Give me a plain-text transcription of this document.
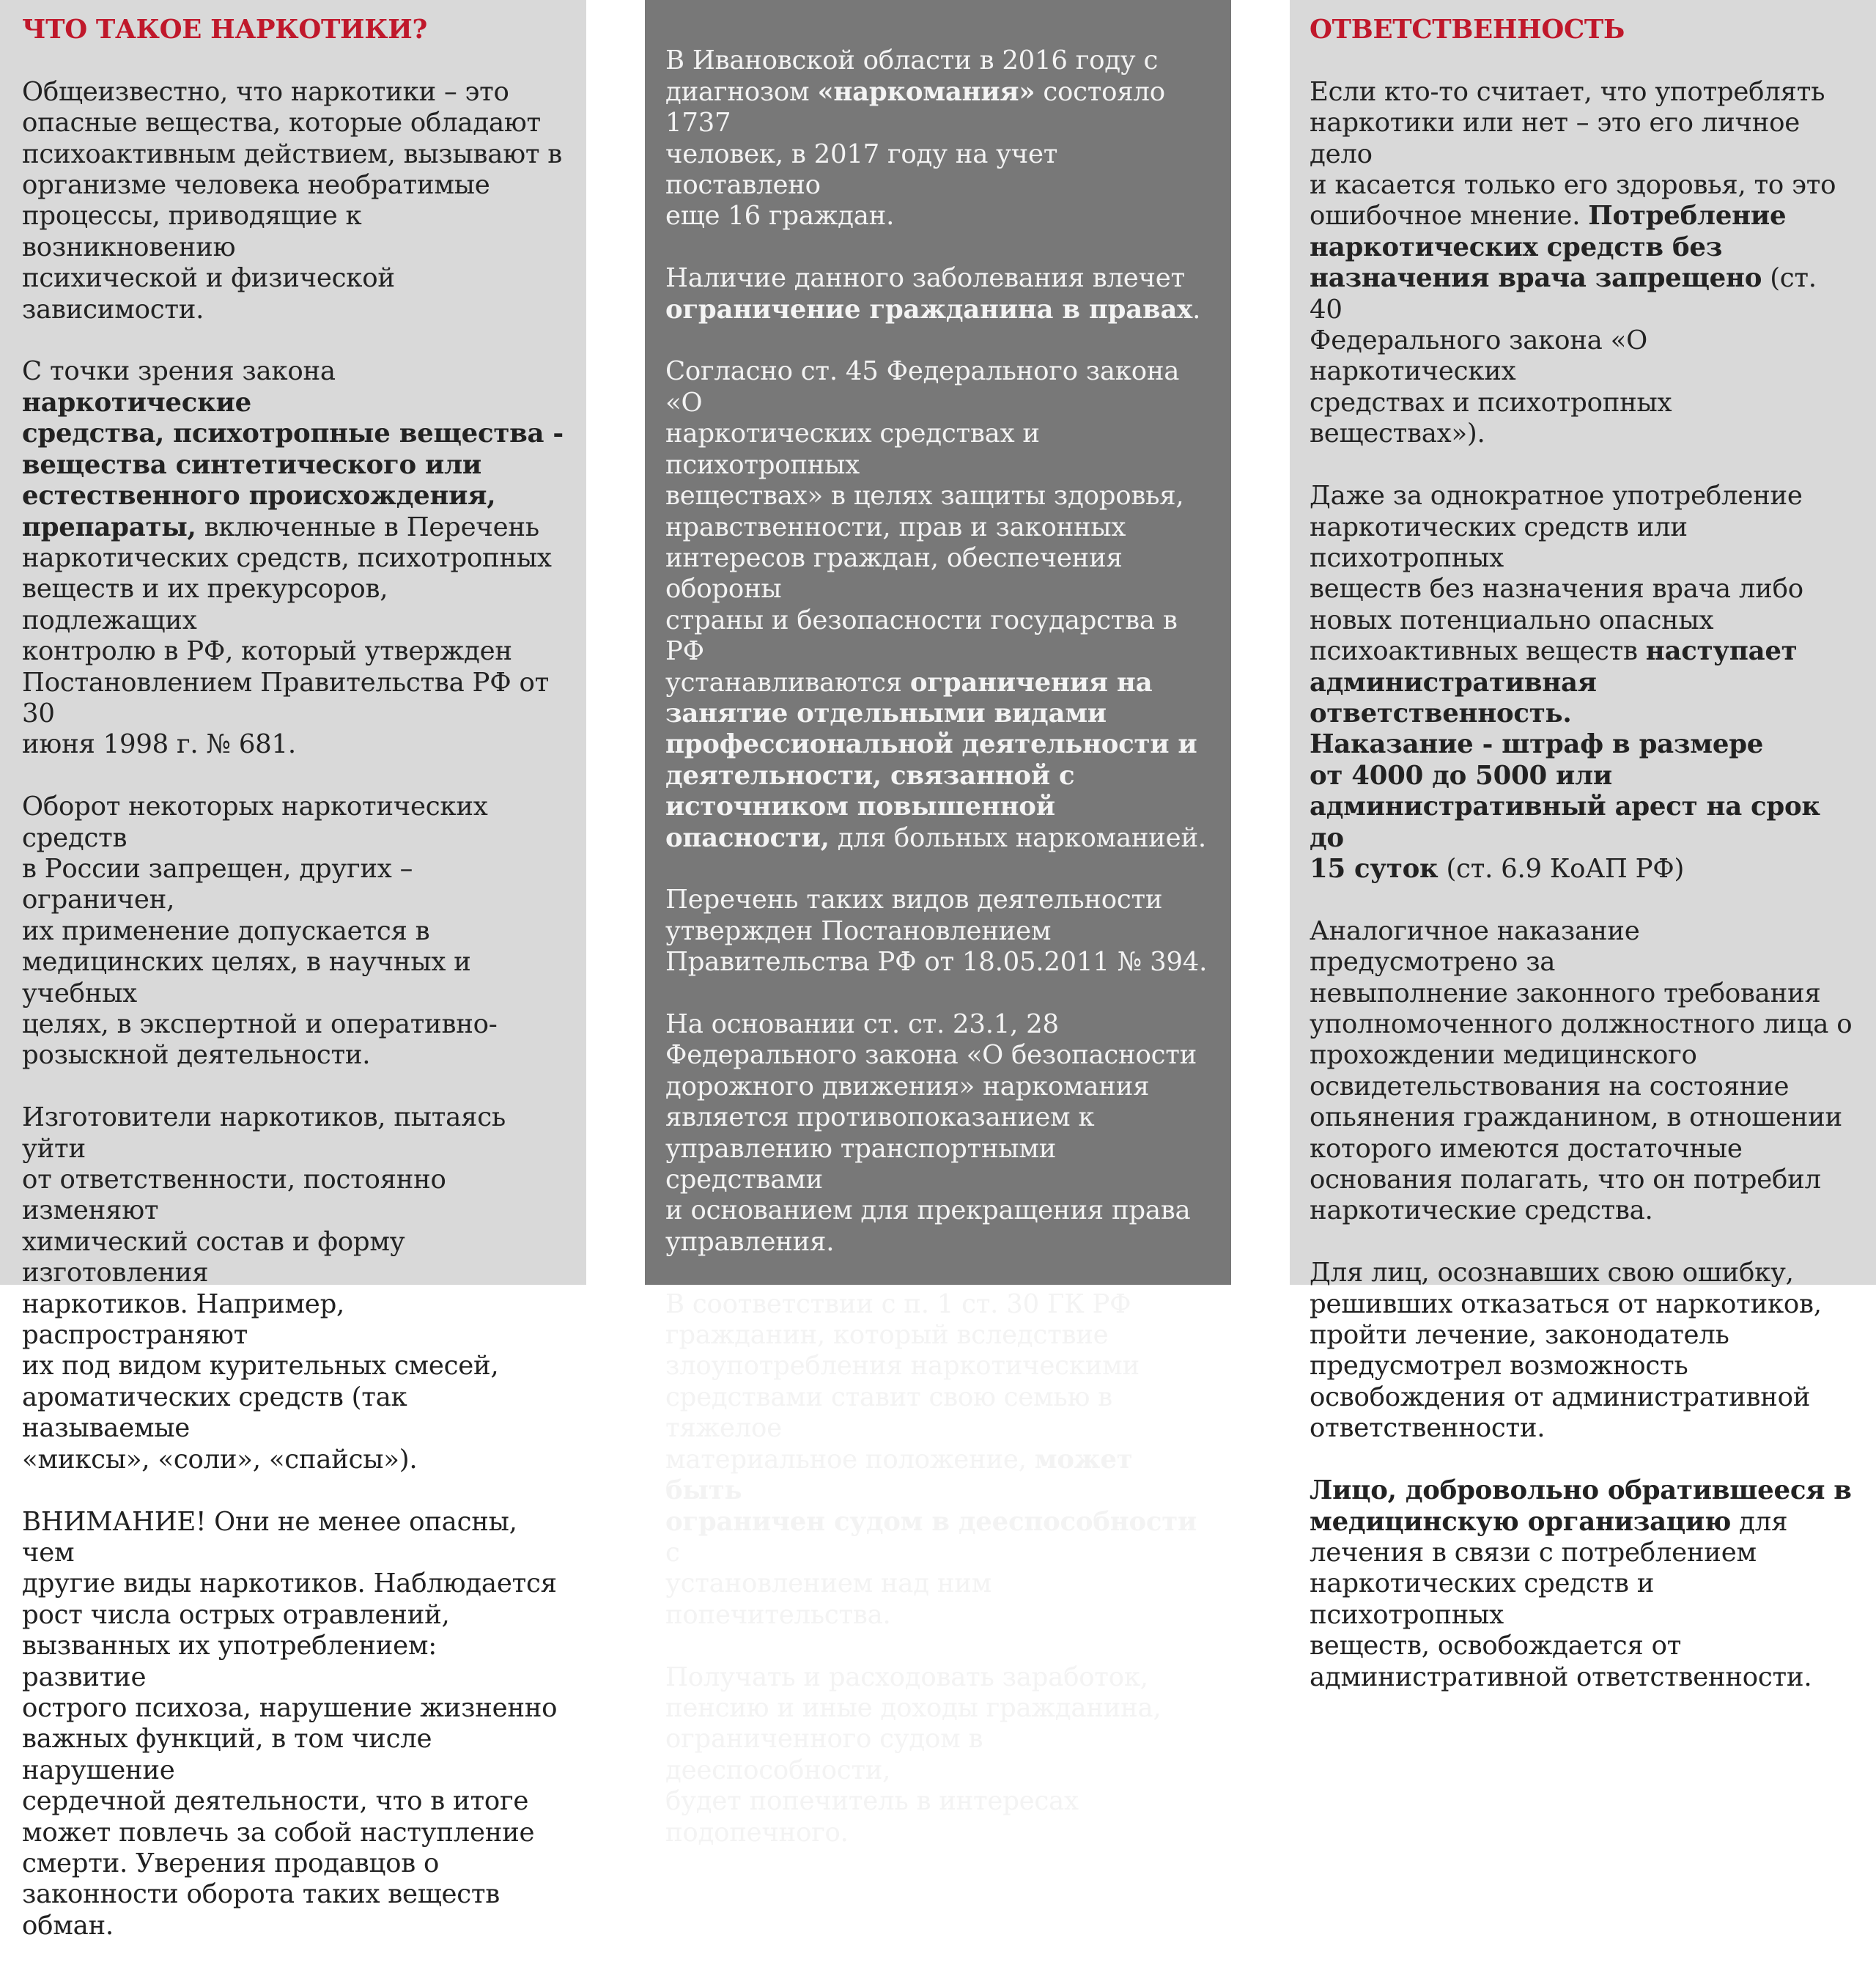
ЧТО ТАКОЕ НАРКОТИКИ?

Общеизвестно, что наркотики – это
опасные вещества, которые обладают
психоактивным действием, вызывают в
организме человека необратимые
процессы, приводящие к возникновению
психической и физической зависимости.

С точки зрения закона наркотические
средства, психотропные вещества -
вещества синтетического или
естественного происхождения,
препараты, включенные в Перечень
наркотических средств, психотропных
веществ и их прекурсоров, подлежащих
контролю в РФ, который утвержден
Постановлением Правительства РФ от 30
июня 1998 г. № 681.

Оборот некоторых наркотических средств
в России запрещен, других – ограничен,
их применение допускается в
медицинских целях, в научных и учебных
целях, в экспертной и оперативно-
розыскной деятельности.

Изготовители наркотиков, пытаясь уйти
от ответственности, постоянно изменяют
химический состав и форму изготовления
наркотиков. Например, распространяют
их под видом курительных смесей,
ароматических средств (так называемые
«миксы», «соли», «спайсы»).

ВНИМАНИЕ! Они не менее опасны, чем
другие виды наркотиков. Наблюдается
рост числа острых отравлений,
вызванных их употреблением: развитие
острого психоза, нарушение жизненно
важных функций, в том числе нарушение
сердечной деятельности, что в итоге
может повлечь за собой наступление
смерти. Уверения продавцов о
законности оборота таких веществ обман.

В Ивановской области в 2016 году с
диагнозом «наркомания» состояло 1737
человек, в 2017 году на учет поставлено
еще 16 граждан.

Наличие данного заболевания влечет
ограничение гражданина в правах.

Согласно ст. 45 Федерального закона «О
наркотических средствах и психотропных
веществах» в целях защиты здоровья,
нравственности, прав и законных
интересов граждан, обеспечения обороны
страны и безопасности государства в РФ
устанавливаются ограничения на
занятие отдельными видами
профессиональной деятельности и
деятельности, связанной с
источником повышенной
опасности, для больных наркоманией.

Перечень таких видов деятельности
утвержден Постановлением
Правительства РФ от 18.05.2011 № 394.

На основании ст. ст. 23.1, 28
Федерального закона «О безопасности
дорожного движения» наркомания
является противопоказанием к
управлению транспортными средствами
и основанием для прекращения права
управления.

В соответствии с п. 1 ст. 30 ГК РФ
гражданин, который вследствие
злоупотребления наркотическими
средствами ставит свою семью в тяжелое
материальное положение, может быть
ограничен судом в дееспособности с
установлением над ним попечительства.

Получать и расходовать заработок,
пенсию и иные доходы гражданина,
ограниченного судом в дееспособности,
будет попечитель в интересах
подопечного.

ОТВЕТСТВЕННОСТЬ

Если кто-то считает, что употреблять
наркотики или нет – это его личное дело
и касается только его здоровья, то это
ошибочное мнение. Потребление
наркотических средств без
назначения врача запрещено (ст. 40
Федерального закона «О наркотических
средствах и психотропных веществах»).

Даже за однократное употребление
наркотических средств или психотропных
веществ без назначения врача либо
новых потенциально опасных
психоактивных веществ наступает
административная ответственность.
Наказание - штраф в размере
от 4000 до 5000 или
административный арест на срок до
15 суток (ст. 6.9 КоАП РФ)

Аналогичное наказание предусмотрено за
невыполнение законного требования
уполномоченного должностного лица о
прохождении медицинского
освидетельствования на состояние
опьянения гражданином, в отношении
которого имеются достаточные
основания полагать, что он потребил
наркотические средства.

Для лиц, осознавших свою ошибку,
решивших отказаться от наркотиков,
пройти лечение, законодатель
предусмотрел возможность
освобождения от административной
ответственности.

Лицо, добровольно обратившееся в
медицинскую организацию для
лечения в связи с потреблением
наркотических средств и психотропных
веществ, освобождается от
административной ответственности.
